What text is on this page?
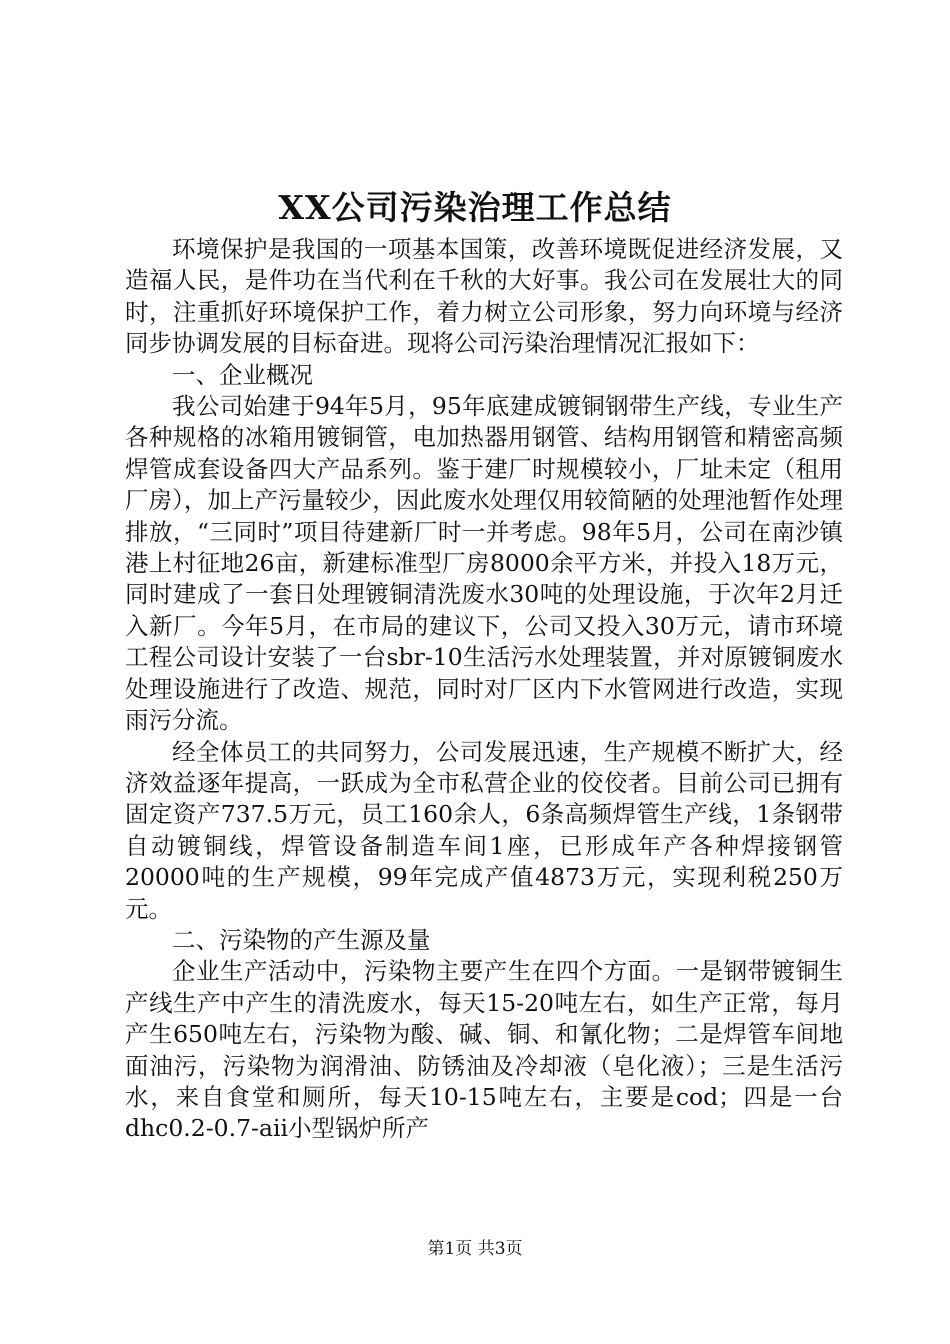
XX公司污染治理工作总结

环境保护是我国的一项基本国策，改善环境既促进经济发展，又造福人民，是件功在当代利在千秋的大好事。我公司在发展壮大的同时，注重抓好环境保护工作，着力树立公司形象，努力向环境与经济同步协调发展的目标奋进。现将公司污染治理情况汇报如下：

一、企业概况

我公司始建于94年5月，95年底建成镀铜钢带生产线，专业生产各种规格的冰箱用镀铜管，电加热器用钢管、结构用钢管和精密高频焊管成套设备四大产品系列。鉴于建厂时规模较小，厂址未定（租用厂房），加上产污量较少，因此废水处理仅用较简陋的处理池暂作处理排放，“三同时”项目待建新厂时一并考虑。98年5月，公司在南沙镇港上村征地26亩，新建标准型厂房8000余平方米，并投入18万元，同时建成了一套日处理镀铜清洗废水30吨的处理设施，于次年2月迁入新厂。今年5月，在市局的建议下，公司又投入30万元，请市环境工程公司设计安装了一台sbr-10生活污水处理装置，并对原镀铜废水处理设施进行了改造、规范，同时对厂区内下水管网进行改造，实现雨污分流。

经全体员工的共同努力，公司发展迅速，生产规模不断扩大，经济效益逐年提高，一跃成为全市私营企业的佼佼者。目前公司已拥有固定资产737.5万元，员工160余人，6条高频焊管生产线，1条钢带自动镀铜线，焊管设备制造车间1座，已形成年产各种焊接钢管20000吨的生产规模，99年完成产值4873万元，实现利税250万元。

二、污染物的产生源及量

企业生产活动中，污染物主要产生在四个方面。一是钢带镀铜生产线生产中产生的清洗废水，每天15-20吨左右，如生产正常，每月产生650吨左右，污染物为酸、碱、铜、和氰化物；二是焊管车间地面油污，污染物为润滑油、防锈油及冷却液（皂化液）；三是生活污水，来自食堂和厕所，每天10-15吨左右，主要是cod；四是一台dhc0.2-0.7-aii小型锅炉所产

第1页 共3页
